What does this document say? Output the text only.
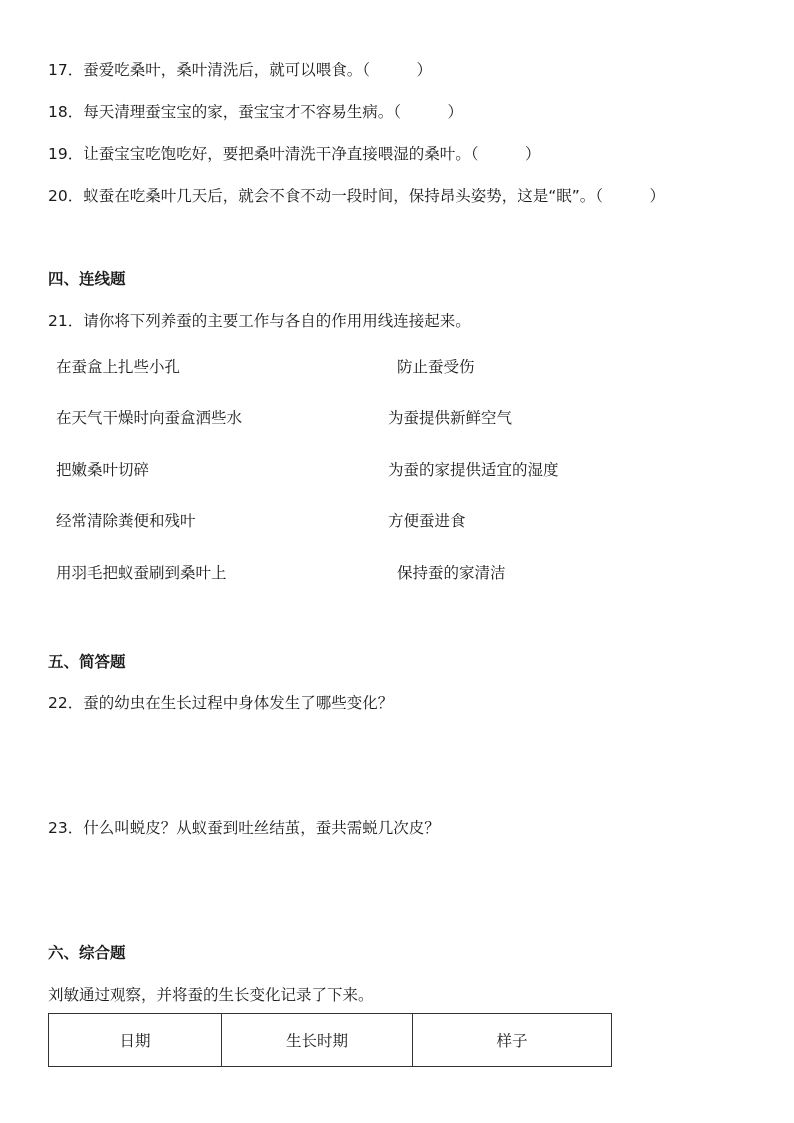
17．蚕爱吃桑叶，桑叶清洗后，就可以喂食。（　　　）
18．每天清理蚕宝宝的家，蚕宝宝才不容易生病。（　　　）
19．让蚕宝宝吃饱吃好，要把桑叶清洗干净直接喂湿的桑叶。（　　　）
20．蚁蚕在吃桑叶几天后，就会不食不动一段时间，保持昂头姿势，这是“眠”。（　　　）
四、连线题
21．请你将下列养蚕的主要工作与各自的作用用线连接起来。
在蚕盒上扎些小孔
在天气干燥时向蚕盒洒些水
把嫩桑叶切碎
经常清除粪便和残叶
用羽毛把蚁蚕刷到桑叶上
防止蚕受伤
为蚕提供新鲜空气
为蚕的家提供适宜的湿度
方便蚕进食
保持蚕的家清洁
五、简答题
22．蚕的幼虫在生长过程中身体发生了哪些变化？
23．什么叫蜕皮？从蚁蚕到吐丝结茧，蚕共需蜕几次皮？
六、综合题
刘敏通过观察，并将蚕的生长变化记录了下来。
日期	生长时期	样子
